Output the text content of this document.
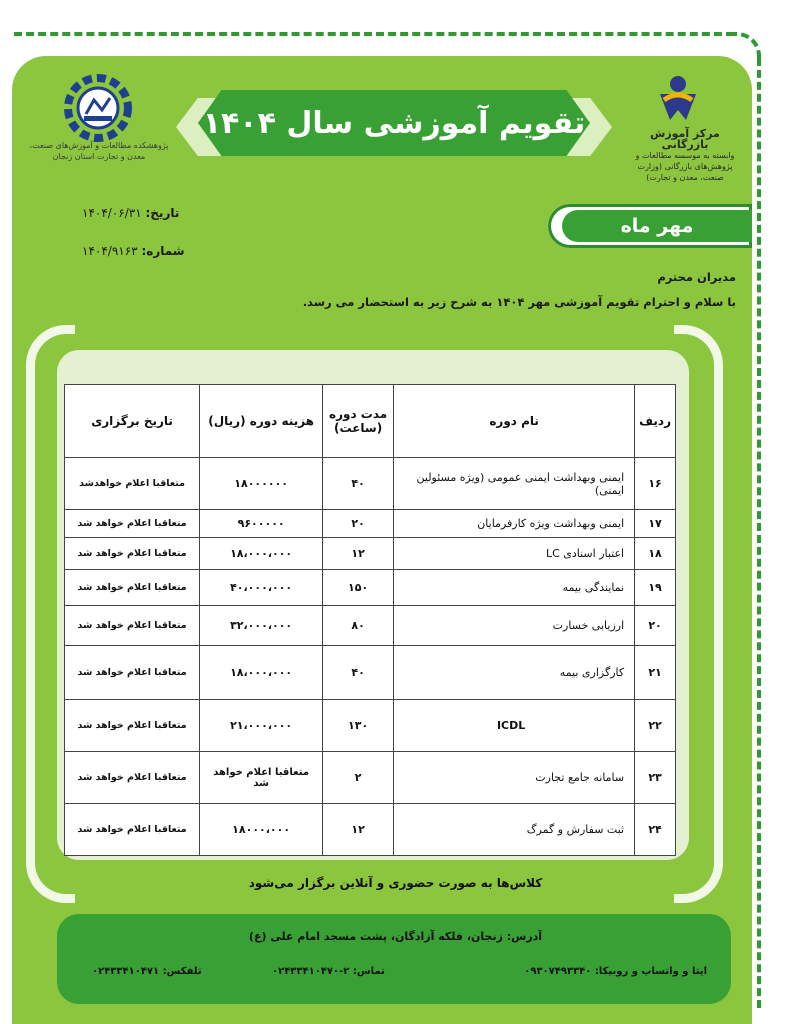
پژوهشکده مطالعات و آموزش‌های صنعت، معدن و تجارت استان زنجان
تقویم آموزشی سال ۱۴۰۴	مرکز آموزش بازرگانی
وابسته به موسسه مطالعات و پژوهش‌های بازرگانی (وزارت صنعت، معدن و تجارت)
تاریخ: ۱۴۰۴/۰۶/۳۱
شماره: ۱۴۰۴/۹۱۶۳
مهر ماه
مدیران محترم
با سلام و احترام تقویم آموزشی مهر ۱۴۰۴ به شرح زیر به استحضار می رسد.
ردیف	نام دوره	مدت دوره (ساعت)	هزینه دوره (ریال)	تاریخ برگزاری
۱۶	ایمنی وبهداشت ایمنی عمومی (ویژه مسئولین ایمنی)	۴۰	۱۸۰۰۰۰۰۰	متعاقبا اعلام خواهدشد
۱۷	ایمنی وبهداشت ویژه کارفرمایان	۲۰	۹۶۰۰۰۰۰	متعاقبا اعلام خواهد شد
۱۸	اعتبار اسنادی LC	۱۲	۱۸،۰۰۰،۰۰۰	متعاقبا اعلام خواهد شد
۱۹	نمایندگی بیمه	۱۵۰	۴۰،۰۰۰،۰۰۰	متعاقبا اعلام خواهد شد
۲۰	ارزیابی خسارت	۸۰	۳۲،۰۰۰،۰۰۰	متعاقبا اعلام خواهد شد
۲۱	کارگزاری بیمه	۴۰	۱۸،۰۰۰،۰۰۰	متعاقبا اعلام خواهد شد
۲۲	ICDL	۱۳۰	۲۱،۰۰۰،۰۰۰	متعاقبا اعلام خواهد شد
۲۳	سامانه جامع تجارت	۲	متعاقبا اعلام خواهد شد	متعاقبا اعلام خواهد شد
۲۴	ثبت سفارش و گمرگ	۱۲	۱۸۰۰۰،۰۰۰	متعاقبا اعلام خواهد شد
کلاس‌ها به صورت حضوری و آنلاین برگزار می‌شود
آدرس: زنجان، فلکه آزادگان، پشت مسجد امام علی (ع)
ایتا و واتساپ و روبیکا: ۰۹۳۰۷۴۹۳۳۴۰
تماس: ۲-۰۲۴۳۳۴۱۰۴۷۰
تلفکس: ۰۲۴۳۳۴۱۰۴۷۱
